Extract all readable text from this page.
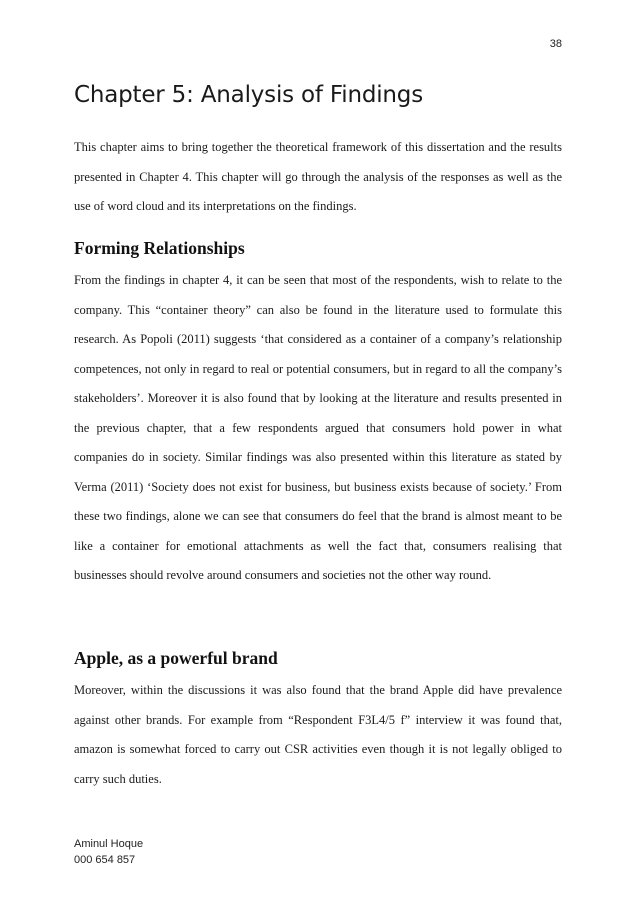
38
Chapter 5: Analysis of Findings

This chapter aims to bring together the theoretical framework of this dissertation and the results presented in Chapter 4. This chapter will go through the analysis of the responses as well as the use of word cloud and its interpretations on the findings.

Forming Relationships

From the findings in chapter 4, it can be seen that most of the respondents, wish to relate to the company. This “container theory” can also be found in the literature used to formulate this research. As Popoli (2011) suggests ‘that considered as a container of a company’s relationship competences, not only in regard to real or potential consumers, but in regard to all the company’s stakeholders’. Moreover it is also found that by looking at the literature and results presented in the previous chapter, that a few respondents argued that consumers hold power in what companies do in society. Similar findings was also presented within this literature as stated by Verma (2011) ‘Society does not exist for business, but business exists because of society.’ From these two findings, alone we can see that consumers do feel that the brand is almost meant to be like a container for emotional attachments as well the fact that, consumers realising that businesses should revolve around consumers and societies not the other way round.

Apple, as a powerful brand

Moreover, within the discussions it was also found that the brand Apple did have prevalence against other brands. For example from “Respondent F3L4/5 f” interview it was found that, amazon is somewhat forced to carry out CSR activities even though it is not legally obliged to carry such duties.

Aminul Hoque
000 654 857
